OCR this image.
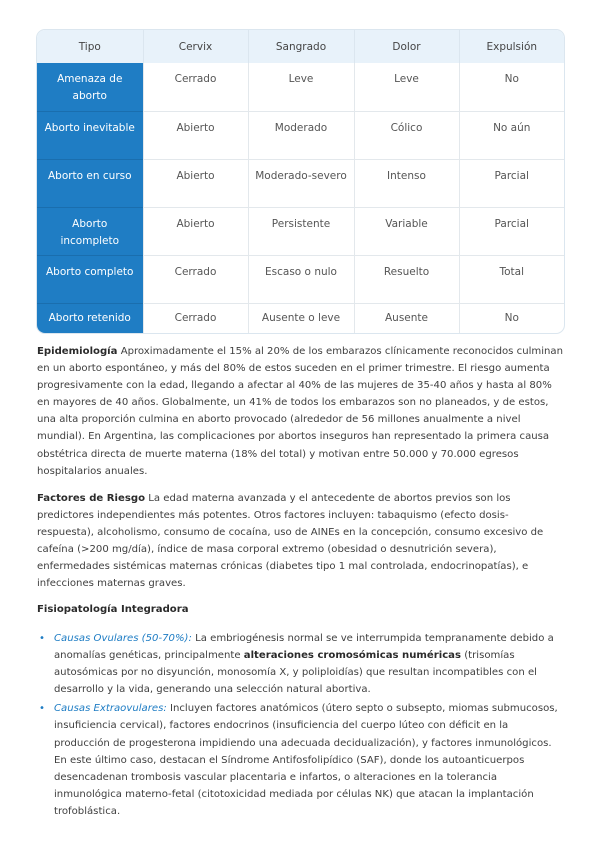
Tipo	Cervix	Sangrado	Dolor	Expulsión
Amenaza de aborto	Cerrado	Leve	Leve	No
Aborto inevitable	Abierto	Moderado	Cólico	No aún
Aborto en curso	Abierto	Moderado-severo	Intenso	Parcial
Aborto incompleto	Abierto	Persistente	Variable	Parcial
Aborto completo	Cerrado	Escaso o nulo	Resuelto	Total
Aborto retenido	Cerrado	Ausente o leve	Ausente	No

Epidemiología Aproximadamente el 15% al 20% de los embarazos clínicamente reconocidos culminan en un aborto espontáneo, y más del 80% de estos suceden en el primer trimestre. El riesgo aumenta progresivamente con la edad, llegando a afectar al 40% de las mujeres de 35-40 años y hasta al 80% en mayores de 40 años. Globalmente, un 41% de todos los embarazos son no planeados, y de estos, una alta proporción culmina en aborto provocado (alrededor de 56 millones anualmente a nivel mundial). En Argentina, las complicaciones por abortos inseguros han representado la primera causa obstétrica directa de muerte materna (18% del total) y motivan entre 50.000 y 70.000 egresos hospitalarios anuales.

Factores de Riesgo La edad materna avanzada y el antecedente de abortos previos son los predictores independientes más potentes. Otros factores incluyen: tabaquismo (efecto dosis-respuesta), alcoholismo, consumo de cocaína, uso de AINEs en la concepción, consumo excesivo de cafeína (>200 mg/día), índice de masa corporal extremo (obesidad o desnutrición severa), enfermedades sistémicas maternas crónicas (diabetes tipo 1 mal controlada, endocrinopatías), e infecciones maternas graves.

Fisiopatología Integradora
• Causas Ovulares (50-70%): La embriogénesis normal se ve interrumpida tempranamente debido a anomalías genéticas, principalmente alteraciones cromosómicas numéricas (trisomías autosómicas por no disyunción, monosomía X, y poliploidías) que resultan incompatibles con el desarrollo y la vida, generando una selección natural abortiva.
• Causas Extraovulares: Incluyen factores anatómicos (útero septo o subsepto, miomas submucosos, insuficiencia cervical), factores endocrinos (insuficiencia del cuerpo lúteo con déficit en la producción de progesterona impidiendo una adecuada decidualización), y factores inmunológicos. En este último caso, destacan el Síndrome Antifosfolipídico (SAF), donde los autoanticuerpos desencadenan trombosis vascular placentaria e infartos, o alteraciones en la tolerancia inmunológica materno-fetal (citotoxicidad mediada por células NK) que atacan la implantación trofoblástica.
